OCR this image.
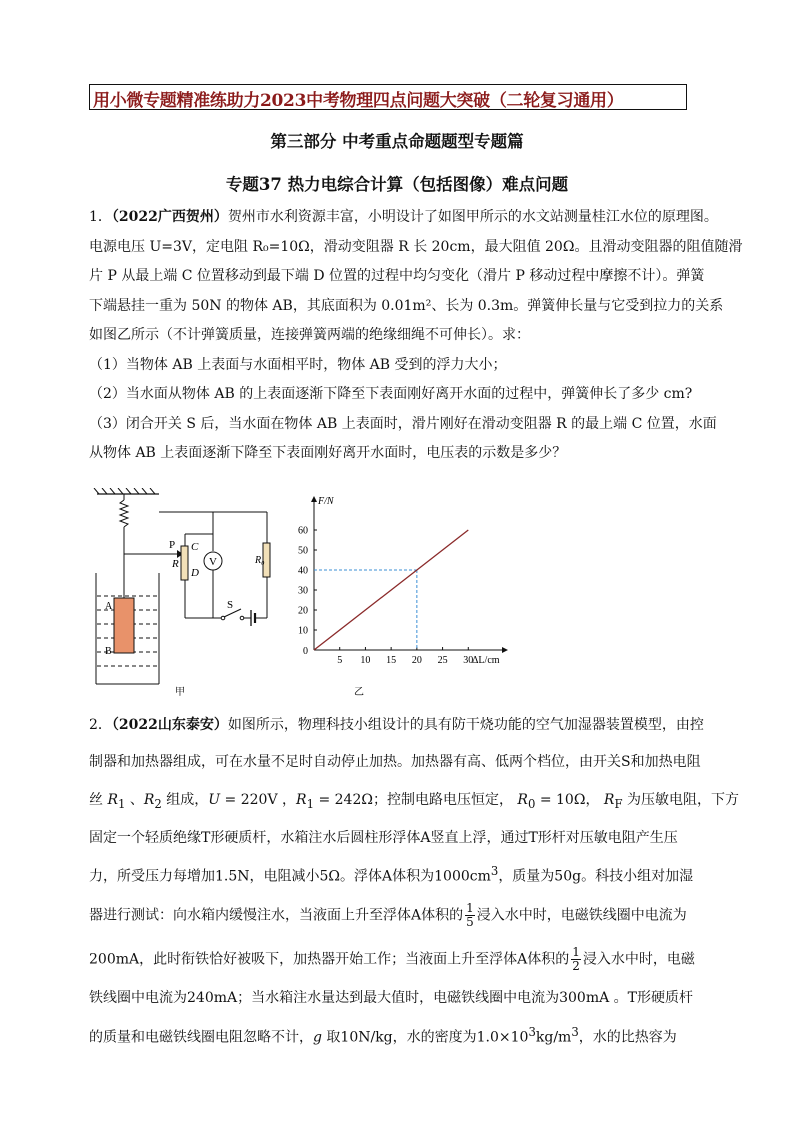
用小微专题精准练助力2023中考物理四点问题大突破（二轮复习通用）
第三部分 中考重点命题题型专题篇
专题37 热力电综合计算（包括图像）难点问题
1．（2022广西贺州）贺州市水利资源丰富，小明设计了如图甲所示的水文站测量桂江水位的原理图。
电源电压 U=3V，定电阻 R₀=10Ω，滑动变阻器 R 长 20cm，最大阻值 20Ω。且滑动变阻器的阻值随滑
片 P 从最上端 C 位置移动到最下端 D 位置的过程中均匀变化（滑片 P 移动过程中摩擦不计）。弹簧
下端悬挂一重为 50N 的物体 AB，其底面积为 0.01m²、长为 0.3m。弹簧伸长量与它受到拉力的关系
如图乙所示（不计弹簧质量，连接弹簧两端的绝缘细绳不可伸长）。求：
（1）当物体 AB 上表面与水面相平时，物体 AB 受到的浮力大小；
（2）当水面从物体 AB 的上表面逐渐下降至下表面刚好离开水面的过程中，弹簧伸长了多少 cm?
（3）闭合开关 S 后，当水面在物体 AB 上表面时，滑片刚好在滑动变阻器 R 的最上端 C 位置，水面
从物体 AB 上表面逐渐下降至下表面刚好离开水面时，电压表的示数是多少？
V
P C
D
R	R₀
S
A
B
甲
5 10 15 20 25 30
10
20
30
40
50
60
0
F/N
ΔL/cm
乙
2．（2022山东泰安）如图所示，物理科技小组设计的具有防干烧功能的空气加湿器装置模型，由控
制器和加热器组成，可在水量不足时自动停止加热。加热器有高、低两个档位，由开关S和加热电阻
丝 $R_1$ 、$R_2$ 组成，U = 220V ，$R_1 = 242\Omega$；控制电路电压恒定， $R_0 = 10\Omega$， $R_F$ 为压敏电阻，下方
固定一个轻质绝缘T形硬质杆，水箱注水后圆柱形浮体A竖直上浮，通过T形杆对压敏电阻产生压
力，所受压力每增加1.5N，电阻减小5Ω。浮体A体积为$1000cm^3$，质量为50g。科技小组对加湿
器进行测试：向水箱内缓慢注水，当液面上升至浮体A体积的 $\frac{1}{5}$ 浸入水中时，电磁铁线圈中电流为
200mA，此时衔铁恰好被吸下，加热器开始工作；当液面上升至浮体A体积的 $\frac{1}{2}$ 浸入水中时，电磁
铁线圈中电流为240mA；当水箱注水量达到最大值时，电磁铁线圈中电流为300mA 。T形硬质杆
的质量和电磁铁线圈电阻忽略不计，g 取10N/kg，水的密度为$1.0\times 10^3kg/m^3$，水的比热容为
